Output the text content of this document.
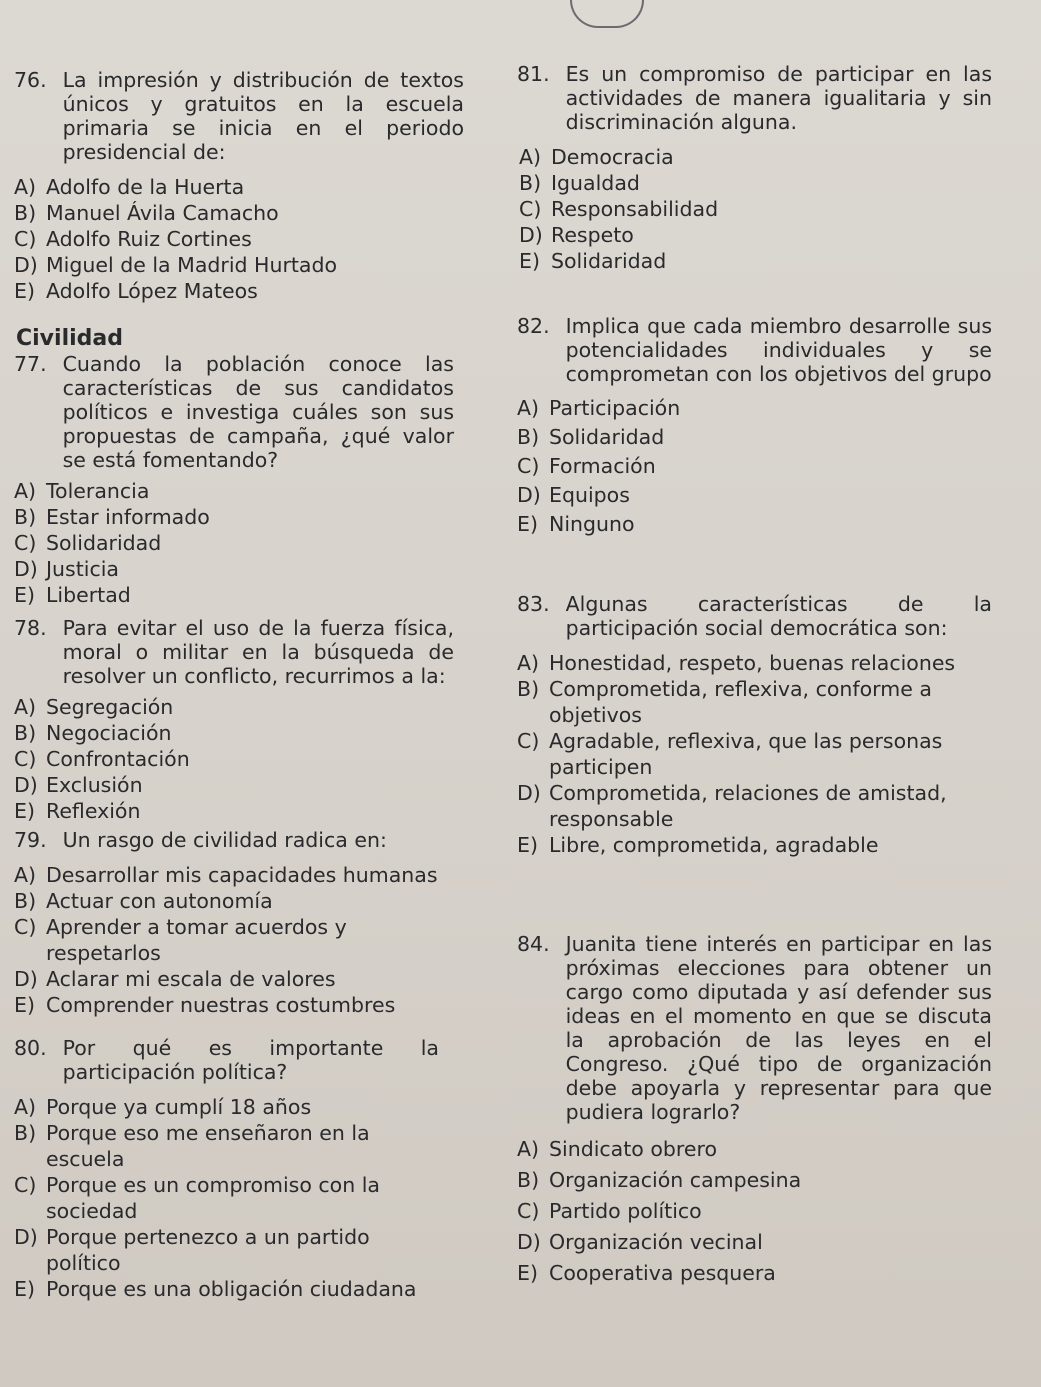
76. La impresión y distribución de textos únicos y gratuitos en la escuela primaria se inicia en el periodo presidencial de:
A) Adolfo de la Huerta
B) Manuel Ávila Camacho
C) Adolfo Ruiz Cortines
D) Miguel de la Madrid Hurtado
E) Adolfo López Mateos
Civilidad
77. Cuando la población conoce las características de sus candidatos políticos e investiga cuáles son sus propuestas de campaña, ¿qué valor se está fomentando?
A) Tolerancia
B) Estar informado
C) Solidaridad
D) Justicia
E) Libertad
78. Para evitar el uso de la fuerza física, moral o militar en la búsqueda de resolver un conflicto, recurrimos a la:
A) Segregación
B) Negociación
C) Confrontación
D) Exclusión
E) Reflexión
79. Un rasgo de civilidad radica en:
A) Desarrollar mis capacidades humanas
B) Actuar con autonomía
C) Aprender a tomar acuerdos y respetarlos
D) Aclarar mi escala de valores
E) Comprender nuestras costumbres
80. Por qué es importante la participación política?
A) Porque ya cumplí 18 años
B) Porque eso me enseñaron en la escuela
C) Porque es un compromiso con la sociedad
D) Porque pertenezco a un partido político
E) Porque es una obligación ciudadana
81. Es un compromiso de participar en las actividades de manera igualitaria y sin discriminación alguna.
A) Democracia
B) Igualdad
C) Responsabilidad
D) Respeto
E) Solidaridad
82. Implica que cada miembro desarrolle sus potencialidades individuales y se comprometan con los objetivos del grupo
A) Participación
B) Solidaridad
C) Formación
D) Equipos
E) Ninguno
83. Algunas características de la participación social democrática son:
A) Honestidad, respeto, buenas relaciones
B) Comprometida, reflexiva, conforme a objetivos
C) Agradable, reflexiva, que las personas participen
D) Comprometida, relaciones de amistad, responsable
E) Libre, comprometida, agradable
84. Juanita tiene interés en participar en las próximas elecciones para obtener un cargo como diputada y así defender sus ideas en el momento en que se discuta la aprobación de las leyes en el Congreso. ¿Qué tipo de organización debe apoyarla y representar para que pudiera lograrlo?
A) Sindicato obrero
B) Organización campesina
C) Partido político
D) Organización vecinal
E) Cooperativa pesquera
